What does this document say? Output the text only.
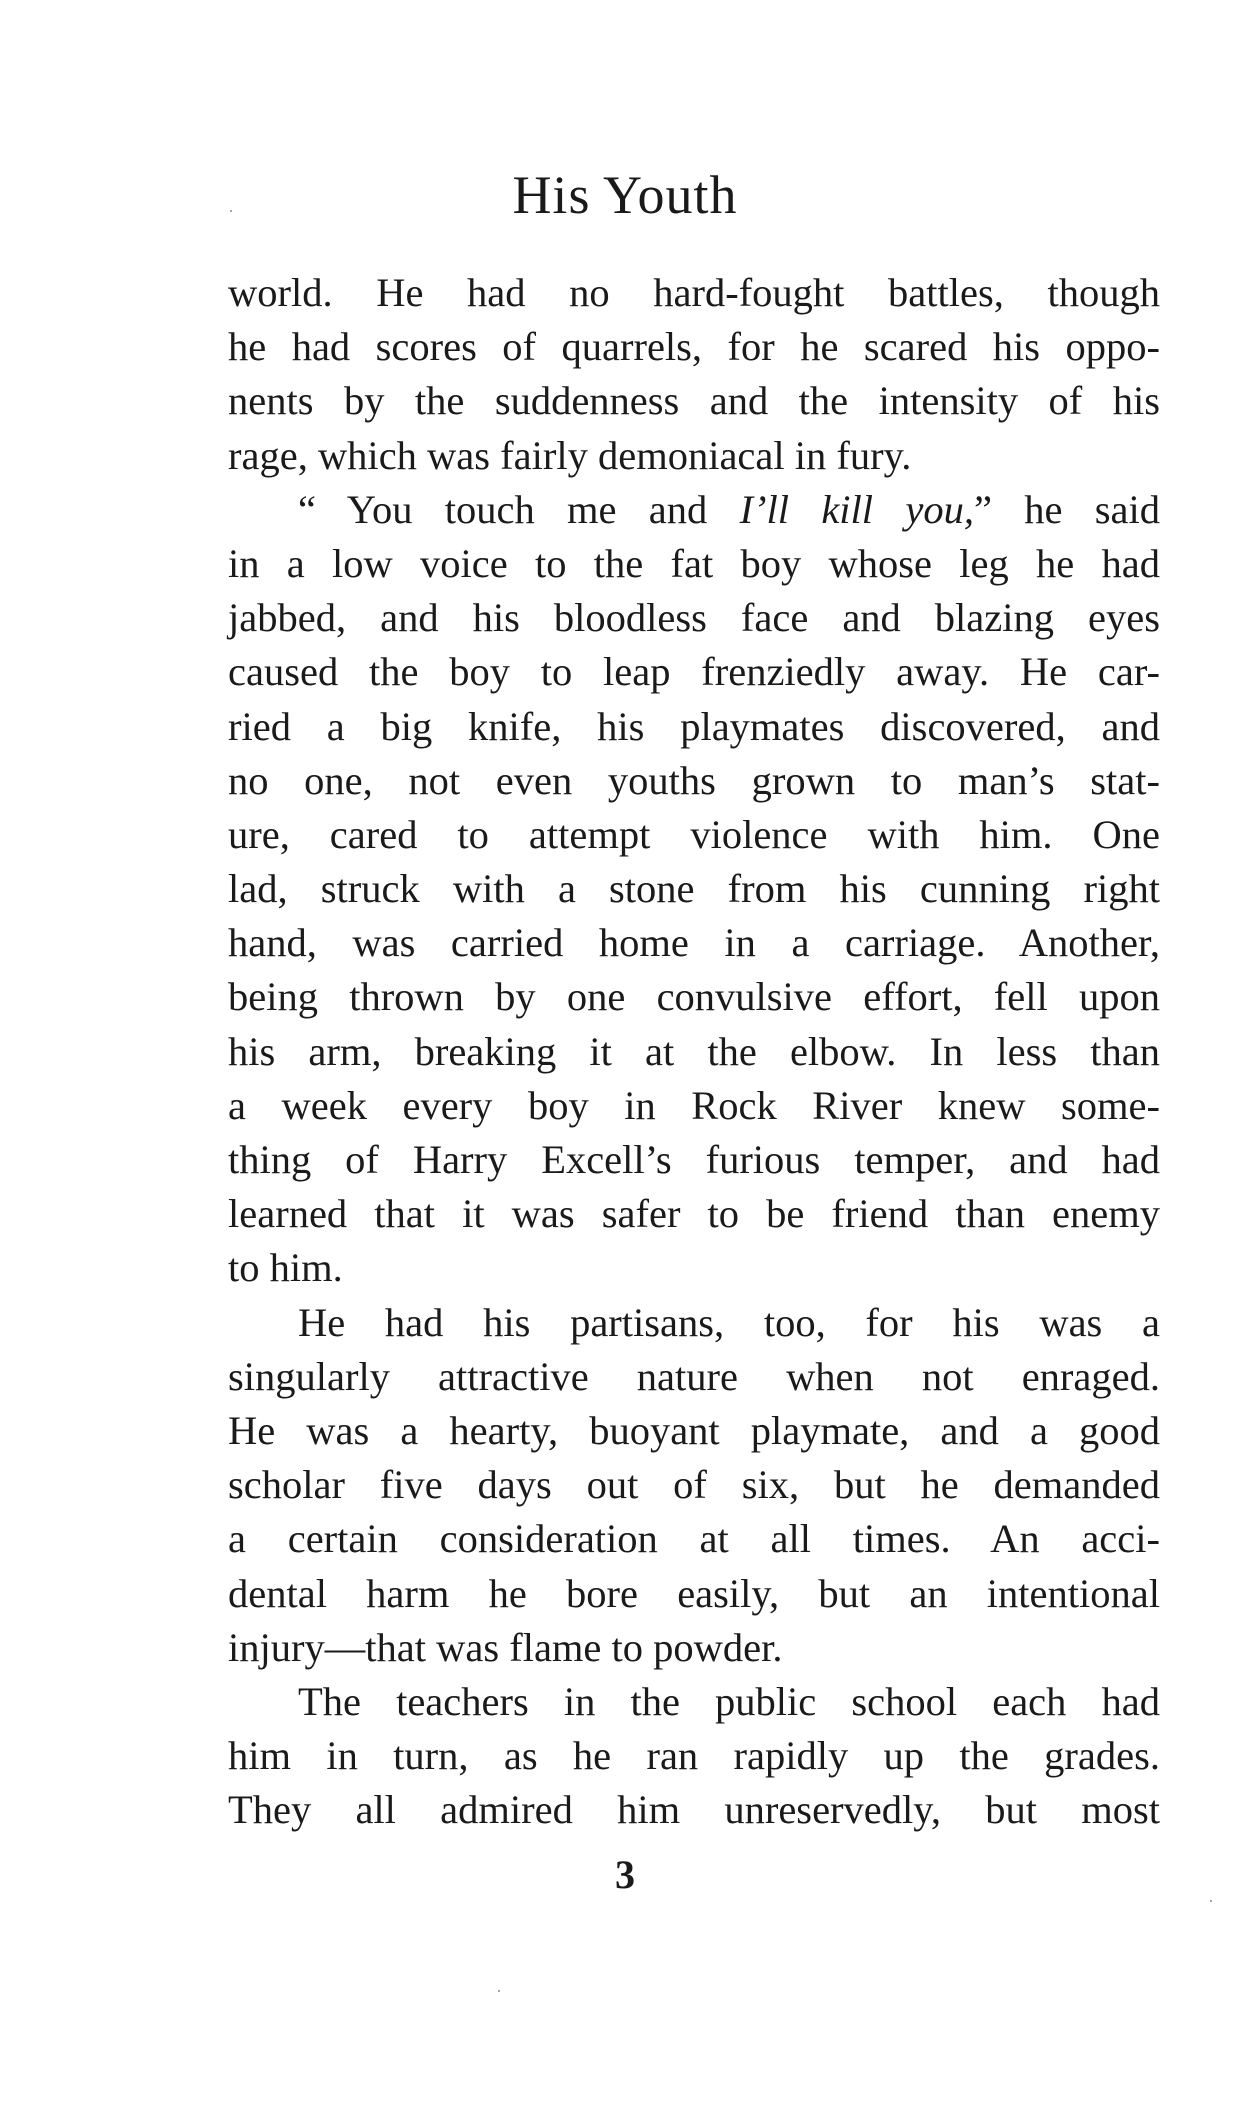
His Youth
world. He had no hard-fought battles, though
he had scores of quarrels, for he scared his oppo-
nents by the suddenness and the intensity of his
rage, which was fairly demoniacal in fury.
“ You touch me and I’ll kill you,” he said
in a low voice to the fat boy whose leg he had
jabbed, and his bloodless face and blazing eyes
caused the boy to leap frenziedly away. He car-
ried a big knife, his playmates discovered, and
no one, not even youths grown to man’s stat-
ure, cared to attempt violence with him. One
lad, struck with a stone from his cunning right
hand, was carried home in a carriage. Another,
being thrown by one convulsive effort, fell upon
his arm, breaking it at the elbow. In less than
a week every boy in Rock River knew some-
thing of Harry Excell’s furious temper, and had
learned that it was safer to be friend than enemy
to him.
He had his partisans, too, for his was a
singularly attractive nature when not enraged.
He was a hearty, buoyant playmate, and a good
scholar five days out of six, but he demanded
a certain consideration at all times. An acci-
dental harm he bore easily, but an intentional
injury—that was flame to powder.
The teachers in the public school each had
him in turn, as he ran rapidly up the grades.
They all admired him unreservedly, but most
3
